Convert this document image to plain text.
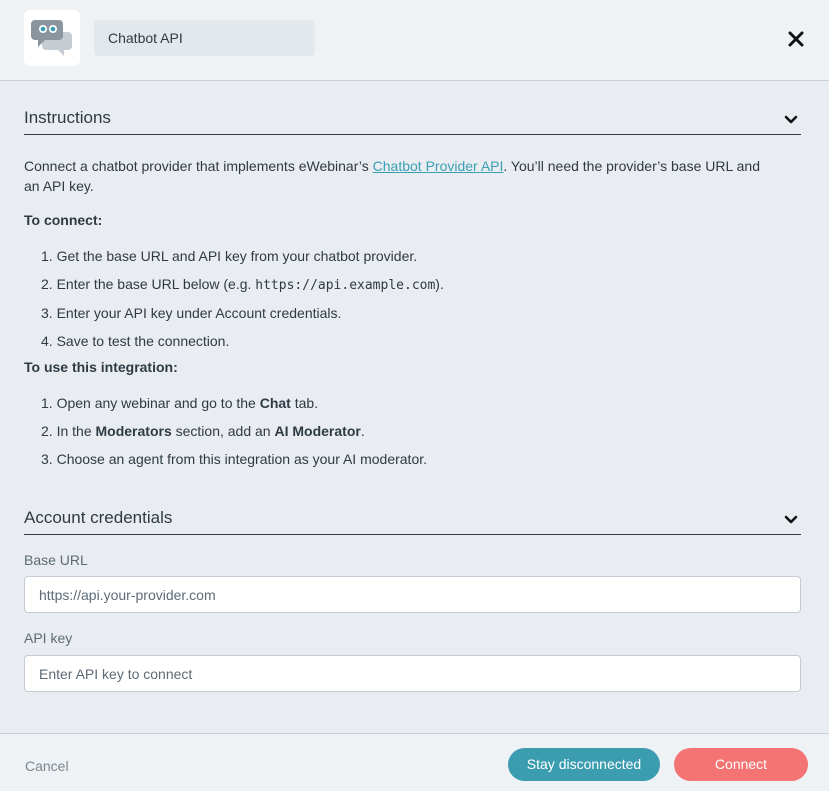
Chatbot API
Instructions
Connect a chatbot provider that implements eWebinar’s Chatbot Provider API. You’ll need the provider’s base URL and
an API key.
To connect:
1. Get the base URL and API key from your chatbot provider.
2. Enter the base URL below (e.g. https://api.example.com).
3. Enter your API key under Account credentials.
4. Save to test the connection.
To use this integration:
1. Open any webinar and go to the Chat tab.
2. In the Moderators section, add an AI Moderator.
3. Choose an agent from this integration as your AI moderator.
Account credentials
Base URL
https://api.your-provider.com
API key
Enter API key to connect
Cancel	Stay disconnected	Connect
